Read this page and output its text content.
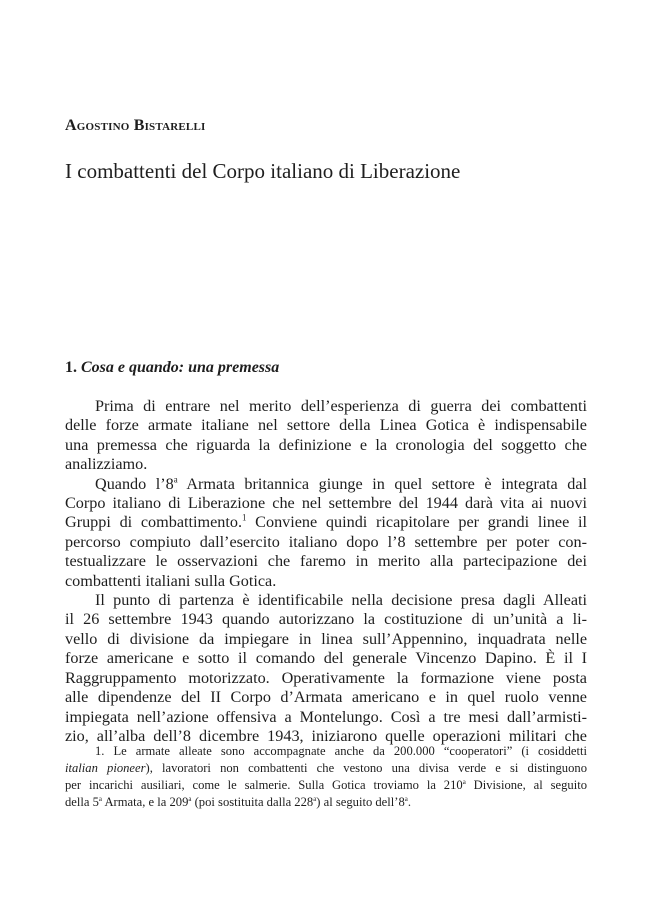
Agostino Bistarelli
I combattenti del Corpo italiano di Liberazione
1. Cosa e quando: una premessa
Prima di entrare nel merito dell’esperienza di guerra dei combattenti
delle forze armate italiane nel settore della Linea Gotica è indispensabile
una premessa che riguarda la definizione e la cronologia del soggetto che
analizziamo.
Quando l’8$^a$ Armata britannica giunge in quel settore è integrata dal
Corpo italiano di Liberazione che nel settembre del 1944 darà vita ai nuovi
Gruppi di combattimento.$^1$ Conviene quindi ricapitolare per grandi linee il
percorso compiuto dall’esercito italiano dopo l’8 settembre per poter con-
testualizzare le osservazioni che faremo in merito alla partecipazione dei
combattenti italiani sulla Gotica.
Il punto di partenza è identificabile nella decisione presa dagli Alleati
il 26 settembre 1943 quando autorizzano la costituzione di un’unità a li-
vello di divisione da impiegare in linea sull’Appennino, inquadrata nelle
forze americane e sotto il comando del generale Vincenzo Dapino. È il I
Raggruppamento motorizzato. Operativamente la formazione viene posta
alle dipendenze del II Corpo d’Armata americano e in quel ruolo venne
impiegata nell’azione offensiva a Montelungo. Così a tre mesi dall’armisti-
zio, all’alba dell’8 dicembre 1943, iniziarono quelle operazioni militari che
1. Le armate alleate sono accompagnate anche da 200.000 “cooperatori” (i cosiddetti
italian pioneer), lavoratori non combattenti che vestono una divisa verde e si distinguono
per incarichi ausiliari, come le salmerie. Sulla Gotica troviamo la 210$^a$ Divisione, al seguito
della 5$^a$ Armata, e la 209$^a$ (poi sostituita dalla 228$^a$) al seguito dell’8$^a$.
